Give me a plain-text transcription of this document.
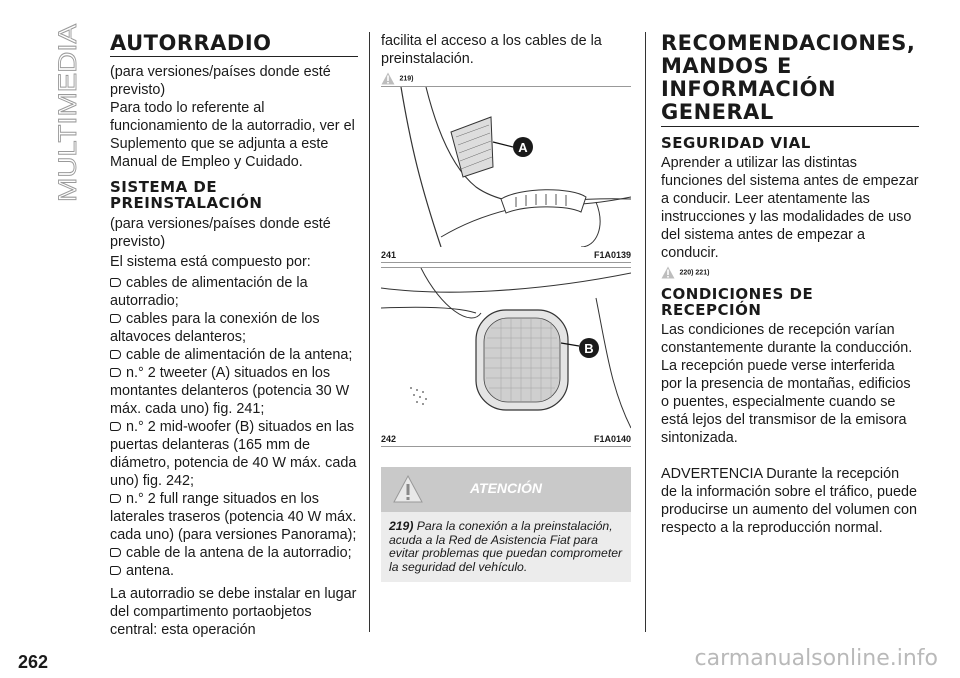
MULTIMEDIA
AUTORRADIO

(para versiones/países donde esté previsto)

Para todo lo referente al funcionamiento de la autorradio, ver el Suplemento que se adjunta a este Manual de Empleo y Cuidado.

SISTEMA DE PREINSTALACIÓN

(para versiones/países donde esté previsto)

El sistema está compuesto por:

cables de alimentación de la autorradio;
cables para la conexión de los altavoces delanteros;
cable de alimentación de la antena;
n.° 2 tweeter (A) situados en los montantes delanteros (potencia 30 W máx. cada uno) fig. 241;
n.° 2 mid-woofer (B) situados en las puertas delanteras (165 mm de diámetro, potencia de 40 W máx. cada uno) fig. 242;
n.° 2 full range situados en los laterales traseros (potencia 40 W máx. cada uno) (para versiones Panorama);
cable de la antena de la autorradio;
antena.

La autorradio se debe instalar en lugar del compartimento portaobjetos central: esta operación

facilita el acceso a los cables de la preinstalación.

219)
A
241	F1A0139
B
242	F1A0140
ATENCIÓN
219) Para la conexión a la preinstalación, acuda a la Red de Asistencia Fiat para evitar problemas que puedan comprometer la seguridad del vehículo.
RECOMENDACIONES, MANDOS E INFORMACIÓN GENERAL
SEGURIDAD VIAL

Aprender a utilizar las distintas funciones del sistema antes de empezar a conducir. Leer atentamente las instrucciones y las modalidades de uso del sistema antes de empezar a conducir.

220) 221)
CONDICIONES DE RECEPCIÓN

Las condiciones de recepción varían constantemente durante la conducción. La recepción puede verse interferida por la presencia de montañas, edificios o puentes, especialmente cuando se está lejos del transmisor de la emisora sintonizada.

ADVERTENCIA Durante la recepción de la información sobre el tráfico, puede producirse un aumento del volumen con respecto a la reproducción normal.

262	carmanualsonline.info
